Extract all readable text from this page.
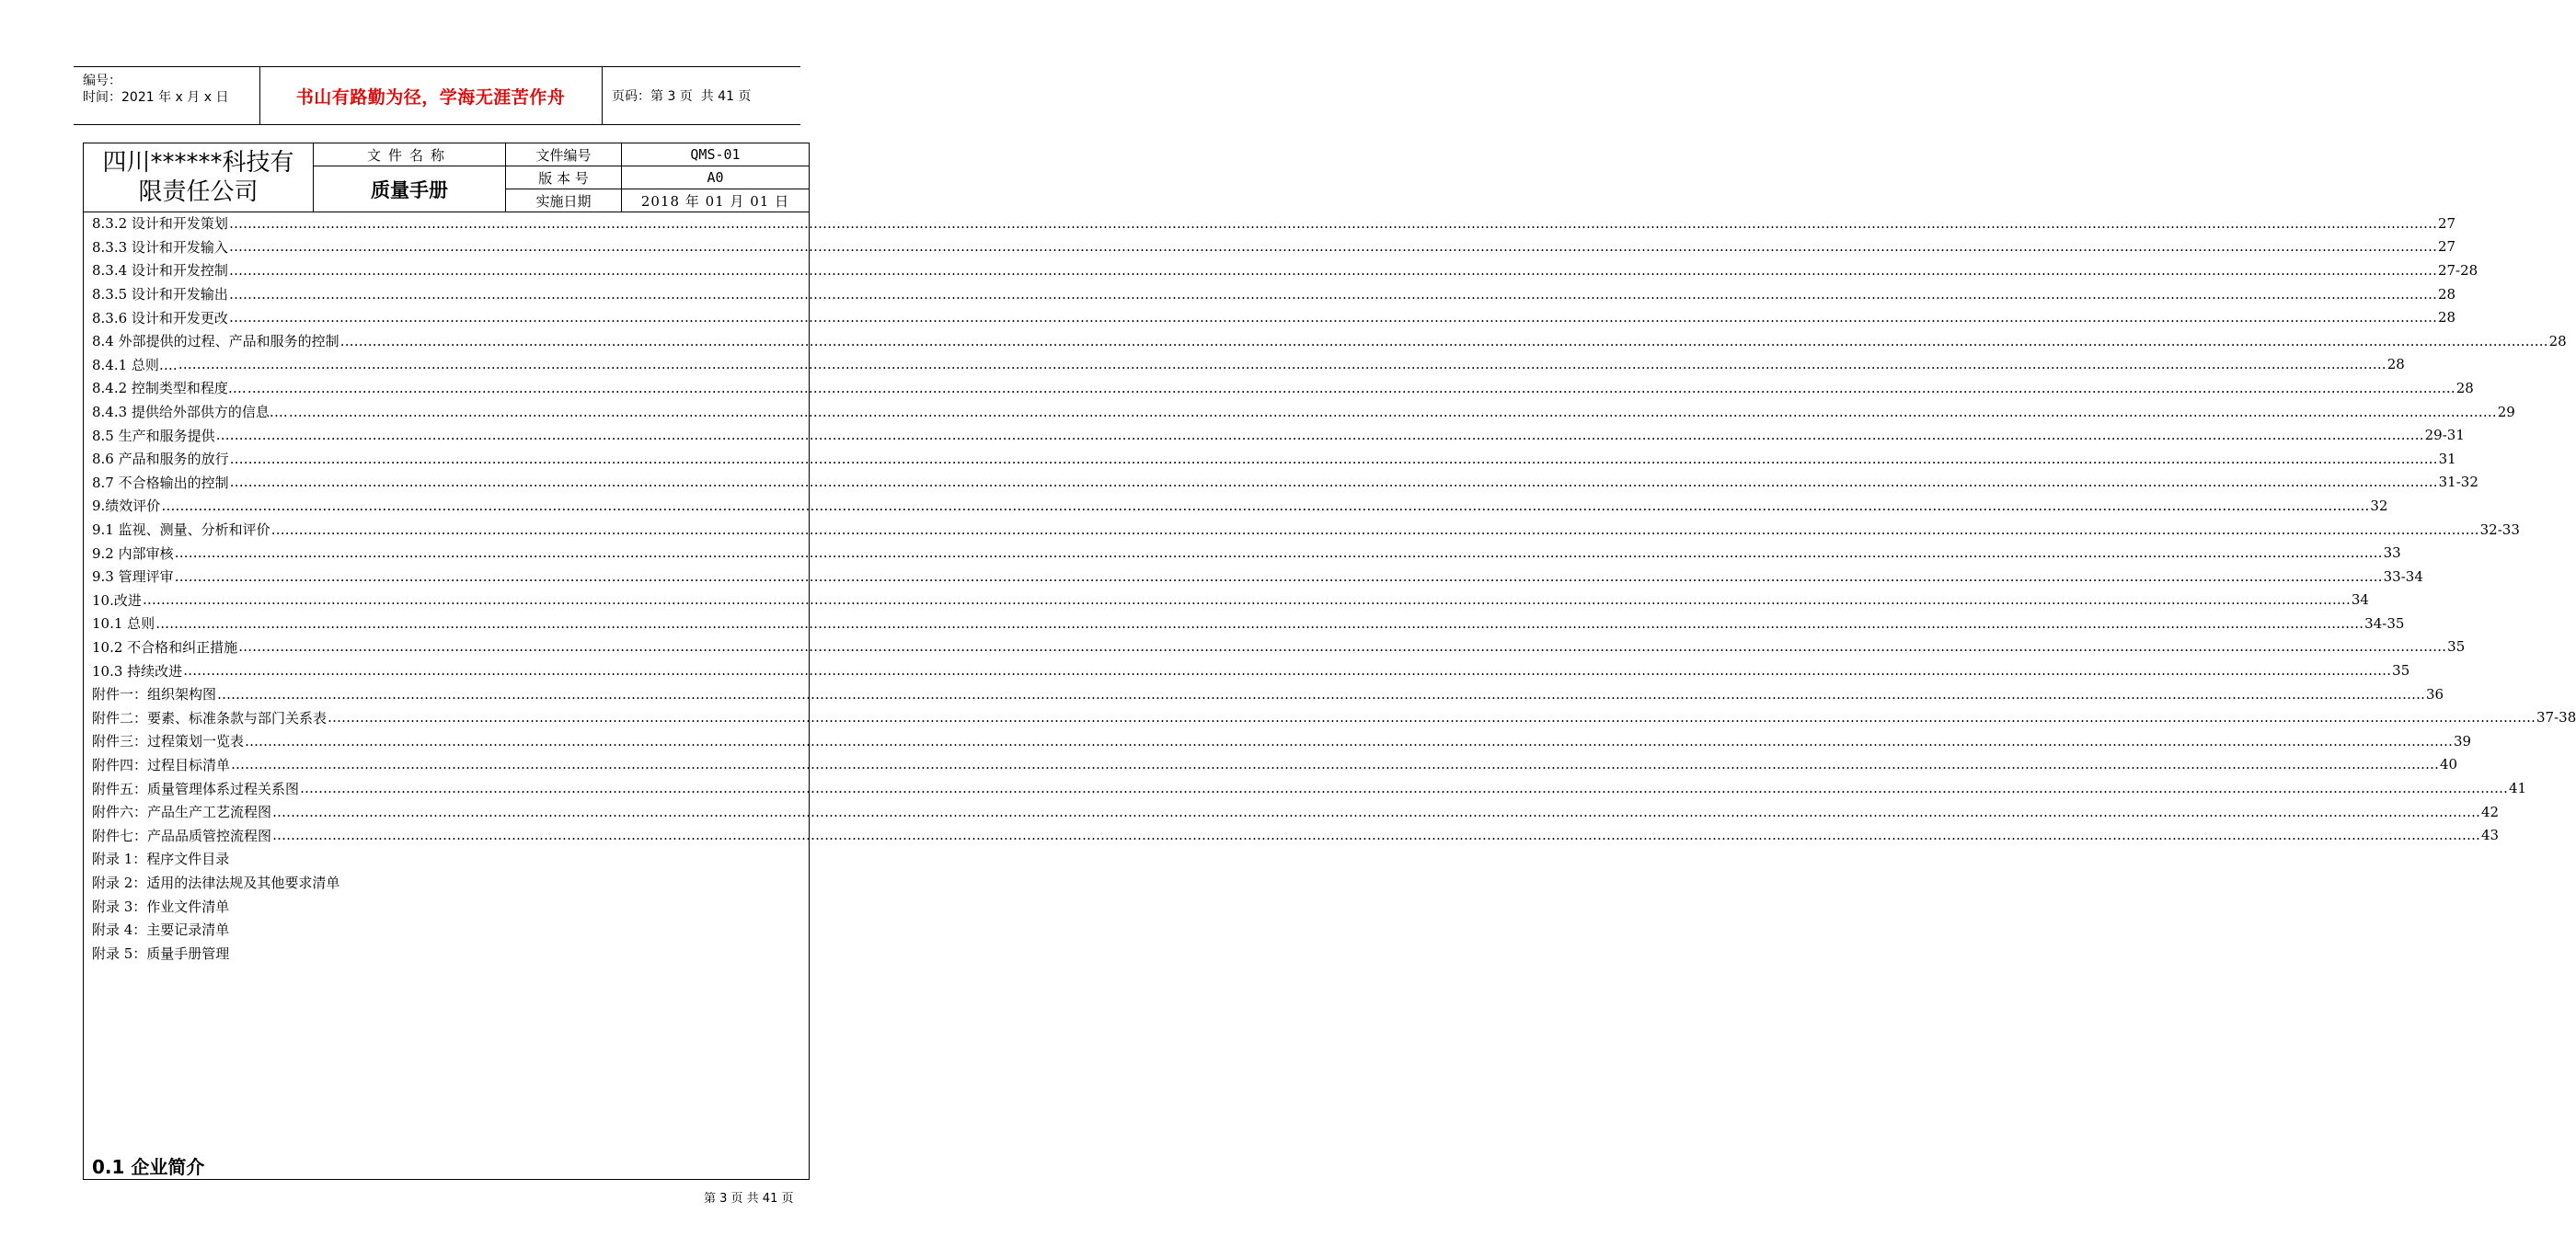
编号：
时间：2021 年 x 月 x 日	书山有路勤为径，学海无涯苦作舟	页码：第 3 页  共 41 页
四川******科技有
限责任公司
文件名称
质量手册
文件编号	QMS-01
版 本 号	A0
实施日期	2018 年 01 月 01 日
8.3.2 设计和开发策划 ………………………………………………………………………………………………………………………………………………………………………………………………………………………………………………………………………………………………………………………………………………………………………………………………………………………………………… 27
8.3.3 设计和开发输入 ………………………………………………………………………………………………………………………………………………………………………………………………………………………………………………………………………………………………………………………………………………………………………………………………………………………………………… 27
8.3.4 设计和开发控制 ………………………………………………………………………………………………………………………………………………………………………………………………………………………………………………………………………………………………………………………………………………………………………………………………………………………………………… 27-28
8.3.5 设计和开发输出 ………………………………………………………………………………………………………………………………………………………………………………………………………………………………………………………………………………………………………………………………………………………………………………………………………………………………………… 28
8.3.6 设计和开发更改 ………………………………………………………………………………………………………………………………………………………………………………………………………………………………………………………………………………………………………………………………………………………………………………………………………………………………………… 28
8.4 外部提供的过程、产品和服务的控制 ………………………………………………………………………………………………………………………………………………………………………………………………………………………………………………………………………………………………………………………………………………………………………………………………………………………………………… 28
8.4.1 总则…. ………………………………………………………………………………………………………………………………………………………………………………………………………………………………………………………………………………………………………………………………………………………………………………………………………………………………………… 28
8.4.2 控制类型和程度…. ………………………………………………………………………………………………………………………………………………………………………………………………………………………………………………………………………………………………………………………………………………………………………………………………………………………………………… 28
8.4.3 提供给外部供方的信息…. ………………………………………………………………………………………………………………………………………………………………………………………………………………………………………………………………………………………………………………………………………………………………………………………………………………………………………… 29
8.5 生产和服务提供 ………………………………………………………………………………………………………………………………………………………………………………………………………………………………………………………………………………………………………………………………………………………………………………………………………………………………………… 29-31
8.6 产品和服务的放行 ………………………………………………………………………………………………………………………………………………………………………………………………………………………………………………………………………………………………………………………………………………………………………………………………………………………………………… 31
8.7 不合格输出的控制 ………………………………………………………………………………………………………………………………………………………………………………………………………………………………………………………………………………………………………………………………………………………………………………………………………………………………………… 31-32
9.绩效评价 ………………………………………………………………………………………………………………………………………………………………………………………………………………………………………………………………………………………………………………………………………………………………………………………………………………………………………… 32
9.1 监视、测量、分析和评价 ………………………………………………………………………………………………………………………………………………………………………………………………………………………………………………………………………………………………………………………………………………………………………………………………………………………………………… 32-33
9.2 内部审核 ………………………………………………………………………………………………………………………………………………………………………………………………………………………………………………………………………………………………………………………………………………………………………………………………………………………………………… 33
9.3 管理评审 ………………………………………………………………………………………………………………………………………………………………………………………………………………………………………………………………………………………………………………………………………………………………………………………………………………………………………… 33-34
10.改进 ………………………………………………………………………………………………………………………………………………………………………………………………………………………………………………………………………………………………………………………………………………………………………………………………………………………………………… 34
10.1 总则 ………………………………………………………………………………………………………………………………………………………………………………………………………………………………………………………………………………………………………………………………………………………………………………………………………………………………………… 34-35
10.2 不合格和纠正措施 ………………………………………………………………………………………………………………………………………………………………………………………………………………………………………………………………………………………………………………………………………………………………………………………………………………………………………… 35
10.3 持续改进 ………………………………………………………………………………………………………………………………………………………………………………………………………………………………………………………………………………………………………………………………………………………………………………………………………………………………………… 35
附件一：组织架构图 ………………………………………………………………………………………………………………………………………………………………………………………………………………………………………………………………………………………………………………………………………………………………………………………………………………………………………… 36
附件二：要素、标准条款与部门关系表 ………………………………………………………………………………………………………………………………………………………………………………………………………………………………………………………………………………………………………………………………………………………………………………………………………………………………………… 37-38
附件三：过程策划一览表 ………………………………………………………………………………………………………………………………………………………………………………………………………………………………………………………………………………………………………………………………………………………………………………………………………………………………………… 39
附件四：过程目标清单 ………………………………………………………………………………………………………………………………………………………………………………………………………………………………………………………………………………………………………………………………………………………………………………………………………………………………………… 40
附件五：质量管理体系过程关系图 ………………………………………………………………………………………………………………………………………………………………………………………………………………………………………………………………………………………………………………………………………………………………………………………………………………………………………… 41
附件六：产品生产工艺流程图 ………………………………………………………………………………………………………………………………………………………………………………………………………………………………………………………………………………………………………………………………………………………………………………………………………………………………………… 42
附件七：产品品质管控流程图 ………………………………………………………………………………………………………………………………………………………………………………………………………………………………………………………………………………………………………………………………………………………………………………………………………………………………………… 43
附录 1：程序文件目录
附录 2：适用的法律法规及其他要求清单
附录 3：作业文件清单
附录 4：主要记录清单
附录 5：质量手册管理
0.1 企业简介
第 3 页 共 41 页
